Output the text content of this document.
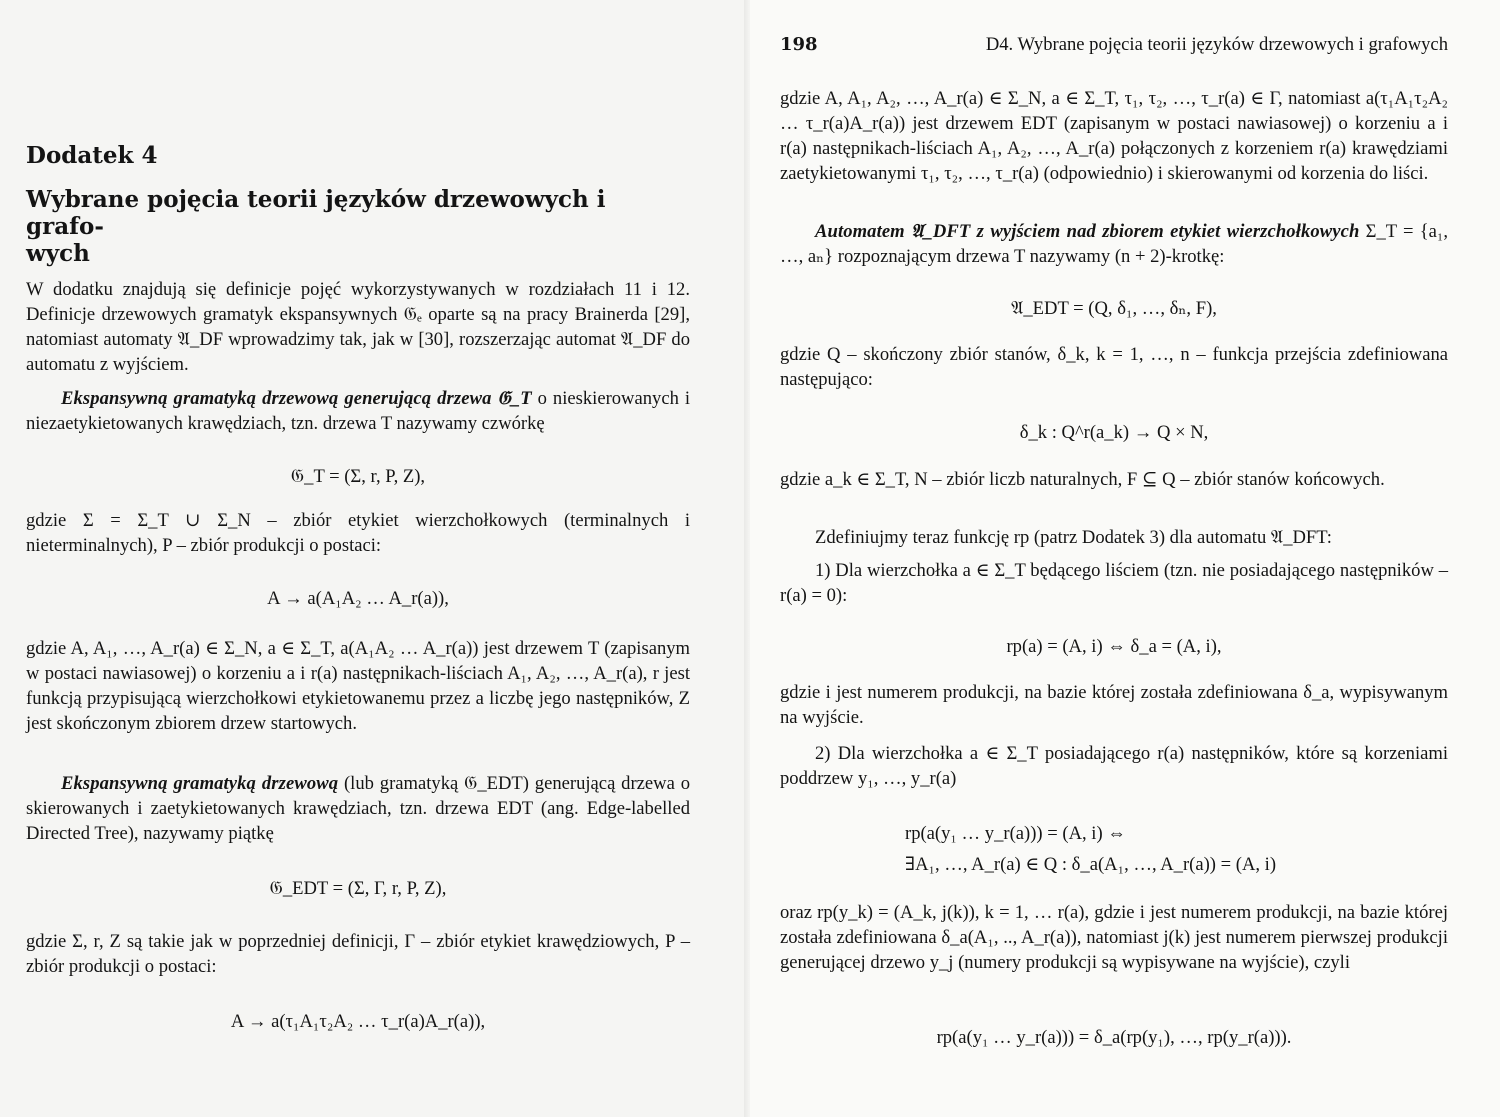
Dodatek 4
Wybrane pojęcia teorii języków drzewowych i grafo-
wych

W dodatku znajdują się definicje pojęć wykorzystywanych w rozdziałach 11 i 12. Definicje drzewowych gramatyk ekspansywnych 𝔊ₑ oparte są na pracy Brainerda [29], natomiast automaty 𝔄_DF wprowadzimy tak, jak w [30], rozszerzając automat 𝔄_DF do automatu z wyjściem.

Ekspansywną gramatyką drzewową generującą drzewa 𝔊_T o nieskierowanych i niezaetykietowanych krawędziach, tzn. drzewa T nazywamy czwórkę

𝔊_T = (Σ, r, P, Z),

gdzie Σ = Σ_T ∪ Σ_N – zbiór etykiet wierzchołkowych (terminalnych i nieterminalnych), P – zbiór produkcji o postaci:

A → a(A₁A₂ … A_r(a)),

gdzie A, A₁, …, A_r(a) ∈ Σ_N, a ∈ Σ_T, a(A₁A₂ … A_r(a)) jest drzewem T (zapisanym w postaci nawiasowej) o korzeniu a i r(a) następnikach-liściach A₁, A₂, …, A_r(a), r jest funkcją przypisującą wierzchołkowi etykietowanemu przez a liczbę jego następników, Z jest skończonym zbiorem drzew startowych.

Ekspansywną gramatyką drzewową (lub gramatyką 𝔊_EDT) generującą drzewa o skierowanych i zaetykietowanych krawędziach, tzn. drzewa EDT (ang. Edge-labelled Directed Tree), nazywamy piątkę

𝔊_EDT = (Σ, Γ, r, P, Z),

gdzie Σ, r, Z są takie jak w poprzedniej definicji, Γ – zbiór etykiet krawędziowych, P – zbiór produkcji o postaci:

A → a(τ₁A₁τ₂A₂ … τ_r(a)A_r(a)),
198	D4. Wybrane pojęcia teorii języków drzewowych i grafowych

gdzie A, A₁, A₂, …, A_r(a) ∈ Σ_N, a ∈ Σ_T, τ₁, τ₂, …, τ_r(a) ∈ Γ, natomiast a(τ₁A₁τ₂A₂ … τ_r(a)A_r(a)) jest drzewem EDT (zapisanym w postaci nawiasowej) o korzeniu a i r(a) następnikach-liściach A₁, A₂, …, A_r(a) połączonych z korzeniem r(a) krawędziami zaetykietowanymi τ₁, τ₂, …, τ_r(a) (odpowiednio) i skierowanymi od korzenia do liści.

Automatem 𝔄_DFT z wyjściem nad zbiorem etykiet wierzchołkowych Σ_T = {a₁, …, aₙ} rozpoznającym drzewa T nazywamy (n + 2)-krotkę:

𝔄_EDT = (Q, δ₁, …, δₙ, F),

gdzie Q – skończony zbiór stanów, δ_k, k = 1, …, n – funkcja przejścia zdefiniowana następująco:

δ_k : Q^r(a_k) → Q × N,

gdzie a_k ∈ Σ_T, N – zbiór liczb naturalnych, F ⊆ Q – zbiór stanów końcowych.

Zdefiniujmy teraz funkcję rp (patrz Dodatek 3) dla automatu 𝔄_DFT:

1) Dla wierzchołka a ∈ Σ_T będącego liściem (tzn. nie posiadającego następników – r(a) = 0):

rp(a) = (A, i) ⇔ δ_a = (A, i),

gdzie i jest numerem produkcji, na bazie której została zdefiniowana δ_a, wypisywanym na wyjście.

2) Dla wierzchołka a ∈ Σ_T posiadającego r(a) następników, które są korzeniami poddrzew y₁, …, y_r(a)

rp(a(y₁ … y_r(a))) = (A, i) ⇔
∃A₁, …, A_r(a) ∈ Q : δ_a(A₁, …, A_r(a)) = (A, i)

oraz rp(y_k) = (A_k, j(k)), k = 1, … r(a), gdzie i jest numerem produkcji, na bazie której została zdefiniowana δ_a(A₁, .., A_r(a)), natomiast j(k) jest numerem pierwszej produkcji generującej drzewo y_j (numery produkcji są wypisywane na wyjście), czyli

rp(a(y₁ … y_r(a))) = δ_a(rp(y₁), …, rp(y_r(a))).
